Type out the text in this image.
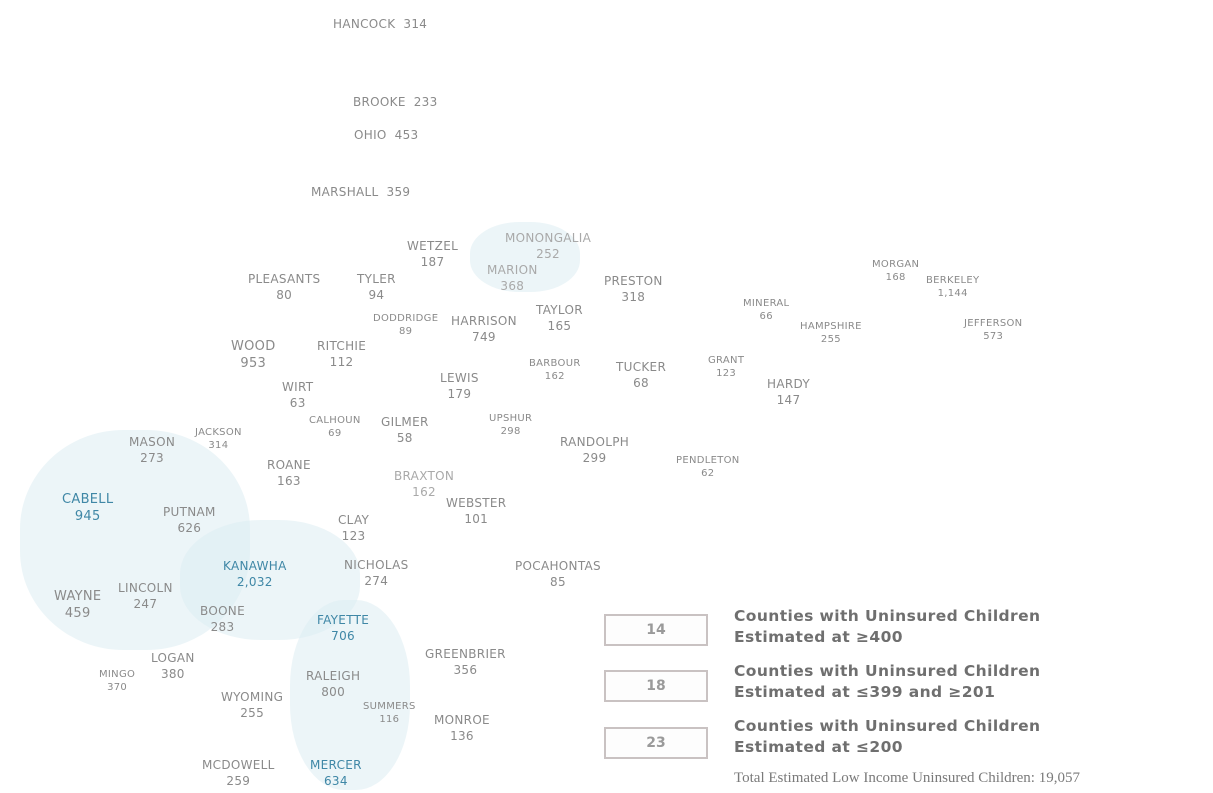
HANCOCK 314
BROOKE 233
OHIO 453
MARSHALL 359
WETZEL
187
MONONGALIA
252
MARION
368	PRESTON
318
MORGAN
168	BERKELEY
1,144
PLEASANTS
80
TYLER
94
TAYLOR
165
MINERAL
66
HAMPSHIRE
255
JEFFERSON
573
DODDRIDGE
89
HARRISON
749
WOOD
953
RITCHIE
112	BARBOUR
162
TUCKER
68
GRANT
123
HARDY
147
WIRT
63
LEWIS
179
JACKSON
314
CALHOUN
69
GILMER
58
UPSHUR
298
MASON
273
RANDOLPH
299
ROANE
163	BRAXTON
162
PENDLETON
62
CABELL
945	PUTNAM
626
WEBSTER
101
CLAY
123
KANAWHA
2,032
NICHOLAS
274
POCAHONTAS
85
WAYNE
459
LINCOLN
247	BOONE
283	FAYETTE
706
GREENBRIER
356
LOGAN
380
MINGO
370
RALEIGH
800
WYOMING
255	SUMMERS
116	MONROE
136
MCDOWELL
259
MERCER
634
14
Counties with Uninsured Children
Estimated at ≥400
18
Counties with Uninsured Children
Estimated at ≤399 and ≥201
23
Counties with Uninsured Children
Estimated at ≤200
Total Estimated Low Income Uninsured Children: 19,057
